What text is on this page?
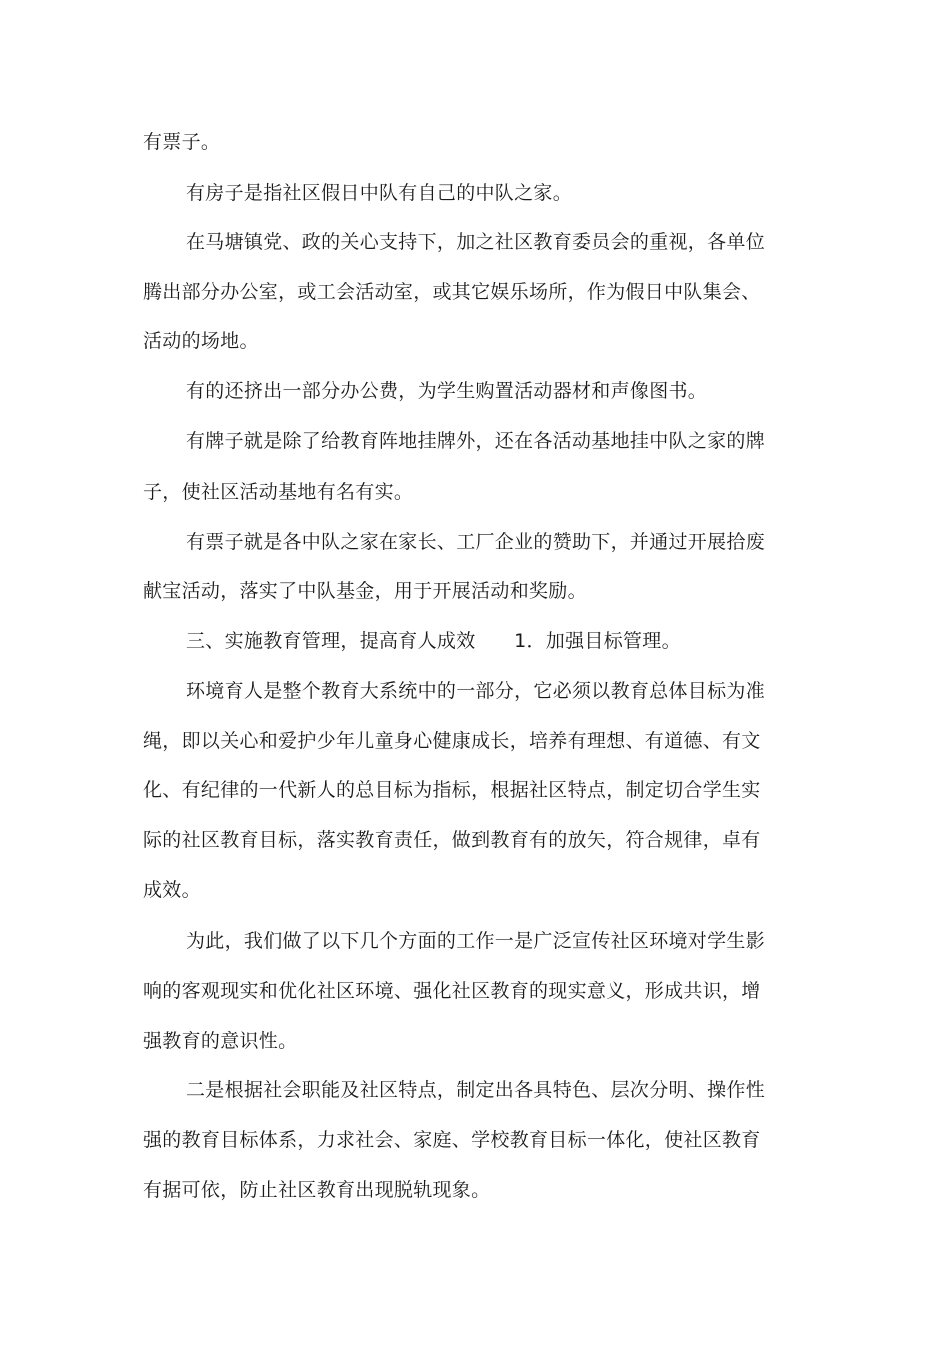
有票子。
有房子是指社区假日中队有自己的中队之家。
在马塘镇党、政的关心支持下，加之社区教育委员会的重视，各单位
腾出部分办公室，或工会活动室，或其它娱乐场所，作为假日中队集会、
活动的场地。
有的还挤出一部分办公费，为学生购置活动器材和声像图书。
有牌子就是除了给教育阵地挂牌外，还在各活动基地挂中队之家的牌
子，使社区活动基地有名有实。
有票子就是各中队之家在家长、工厂企业的赞助下，并通过开展拾废
献宝活动，落实了中队基金，用于开展活动和奖励。
三、实施教育管理，提高育人成效　　1．加强目标管理。
环境育人是整个教育大系统中的一部分，它必须以教育总体目标为准
绳，即以关心和爱护少年儿童身心健康成长，培养有理想、有道德、有文
化、有纪律的一代新人的总目标为指标，根据社区特点，制定切合学生实
际的社区教育目标，落实教育责任，做到教育有的放矢，符合规律，卓有
成效。
为此，我们做了以下几个方面的工作一是广泛宣传社区环境对学生影
响的客观现实和优化社区环境、强化社区教育的现实意义，形成共识，增
强教育的意识性。
二是根据社会职能及社区特点，制定出各具特色、层次分明、操作性
强的教育目标体系，力求社会、家庭、学校教育目标一体化，使社区教育
有据可依，防止社区教育出现脱轨现象。
